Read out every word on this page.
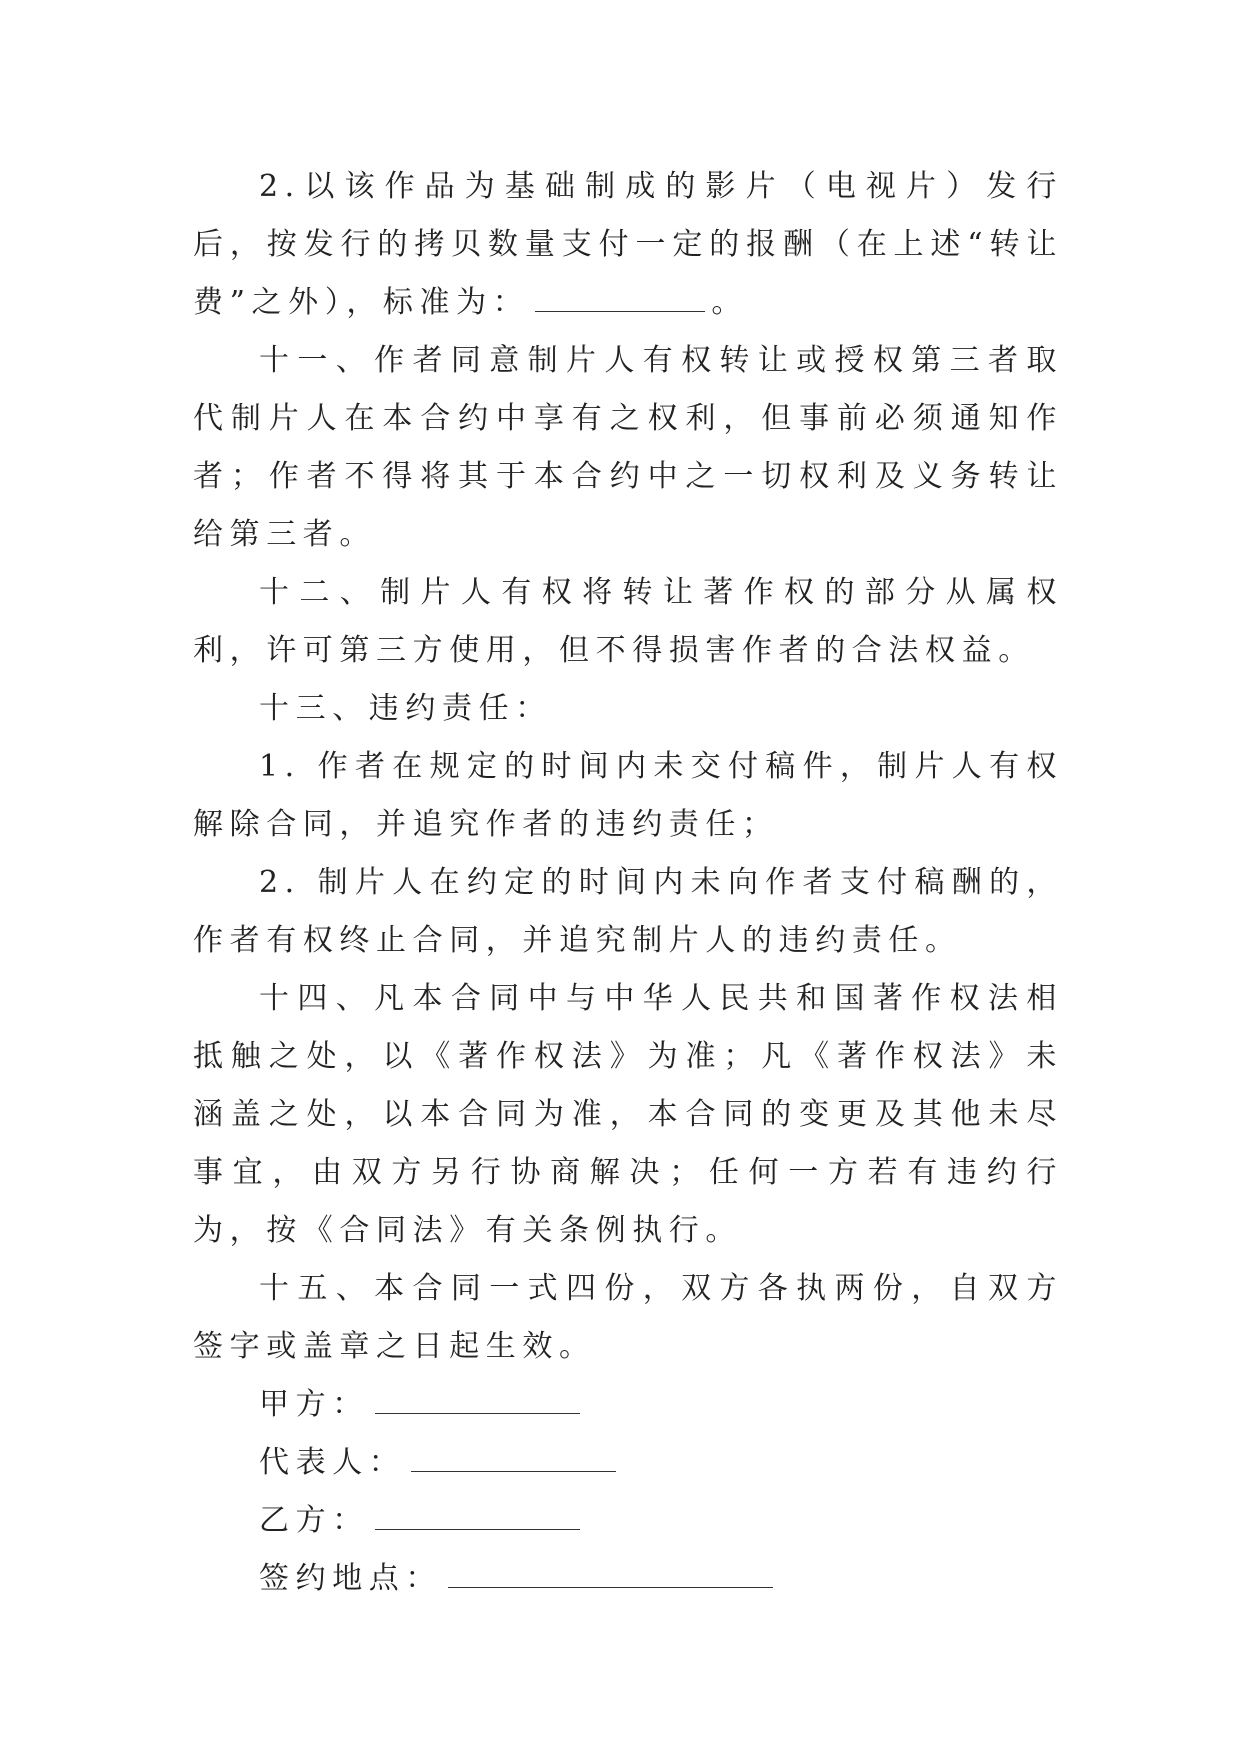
2.以该作品为基础制成的影片（电视片）发行后，按发行的拷贝数量支付一定的报酬（在上述“转让费”之外），标准为：	。

十一、作者同意制片人有权转让或授权第三者取代制片人在本合约中享有之权利，但事前必须通知作者；作者不得将其于本合约中之一切权利及义务转让给第三者。

十二、制片人有权将转让著作权的部分从属权利，许可第三方使用，但不得损害作者的合法权益。

十三、违约责任：

1. 作者在规定的时间内未交付稿件，制片人有权解除合同，并追究作者的违约责任；

2. 制片人在约定的时间内未向作者支付稿酬的，作者有权终止合同，并追究制片人的违约责任。

十四、凡本合同中与中华人民共和国著作权法相抵触之处，以《著作权法》为准；凡《著作权法》未涵盖之处，以本合同为准，本合同的变更及其他未尽事宜，由双方另行协商解决；任何一方若有违约行为，按《合同法》有关条例执行。

十五、本合同一式四份，双方各执两份，自双方签字或盖章之日起生效。

甲方：

代表人：

乙方：

签约地点：
